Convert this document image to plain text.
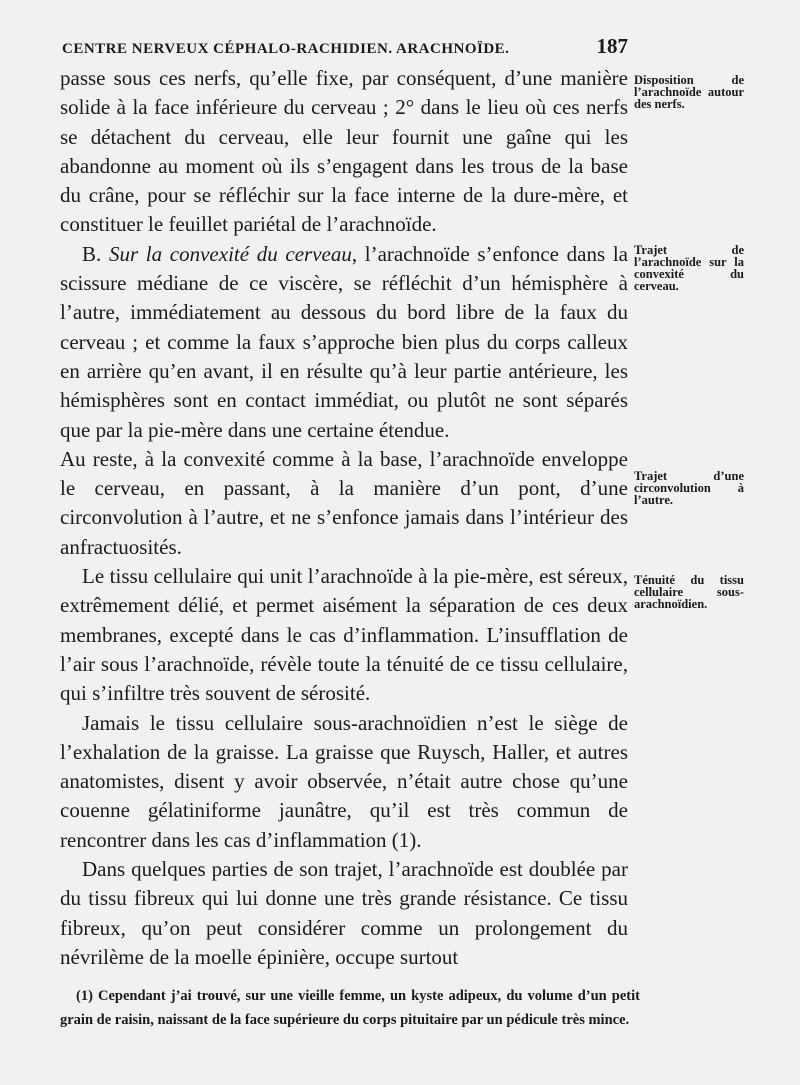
CENTRE NERVEUX CÉPHALO-RACHIDIEN. ARACHNOÏDE.	187

passe sous ces nerfs, qu’elle fixe, par conséquent, d’une manière solide à la face inférieure du cerveau ; 2° dans le lieu où ces nerfs se détachent du cerveau, elle leur fournit une gaîne qui les abandonne au moment où ils s’engagent dans les trous de la base du crâne, pour se réfléchir sur la face interne de la dure-mère, et constituer le feuillet pariétal de l’arachnoïde.

B. Sur la convexité du cerveau, l’arachnoïde s’enfonce dans la scissure médiane de ce viscère, se réfléchit d’un hémisphère à l’autre, immédiatement au dessous du bord libre de la faux du cerveau ; et comme la faux s’approche bien plus du corps calleux en arrière qu’en avant, il en résulte qu’à leur partie antérieure, les hémisphères sont en contact immédiat, ou plutôt ne sont séparés que par la pie-mère dans une certaine étendue.

Au reste, à la convexité comme à la base, l’arachnoïde enveloppe le cerveau, en passant, à la manière d’un pont, d’une circonvolution à l’autre, et ne s’enfonce jamais dans l’intérieur des anfractuosités.

Le tissu cellulaire qui unit l’arachnoïde à la pie-mère, est séreux, extrêmement délié, et permet aisément la séparation de ces deux membranes, excepté dans le cas d’inflammation. L’insufflation de l’air sous l’arachnoïde, révèle toute la ténuité de ce tissu cellulaire, qui s’infiltre très souvent de sérosité.

Jamais le tissu cellulaire sous-arachnoïdien n’est le siège de l’exhalation de la graisse. La graisse que Ruysch, Haller, et autres anatomistes, disent y avoir observée, n’était autre chose qu’une couenne gélatiniforme jaunâtre, qu’il est très commun de rencontrer dans les cas d’inflammation (1).

Dans quelques parties de son trajet, l’arachnoïde est doublée par du tissu fibreux qui lui donne une très grande résistance. Ce tissu fibreux, qu’on peut considérer comme un prolongement du névrilème de la moelle épinière, occupe surtout

Disposition de l’arachnoïde autour des nerfs.
Trajet de l’arachnoïde sur la convexité du cerveau.
Trajet d’une circonvolution à l’autre.
Ténuité du tissu cellulaire sous-arachnoïdien.
(1) Cependant j’ai trouvé, sur une vieille femme, un kyste adipeux, du volume d’un petit grain de raisin, naissant de la face supérieure du corps pituitaire par un pédicule très mince.
